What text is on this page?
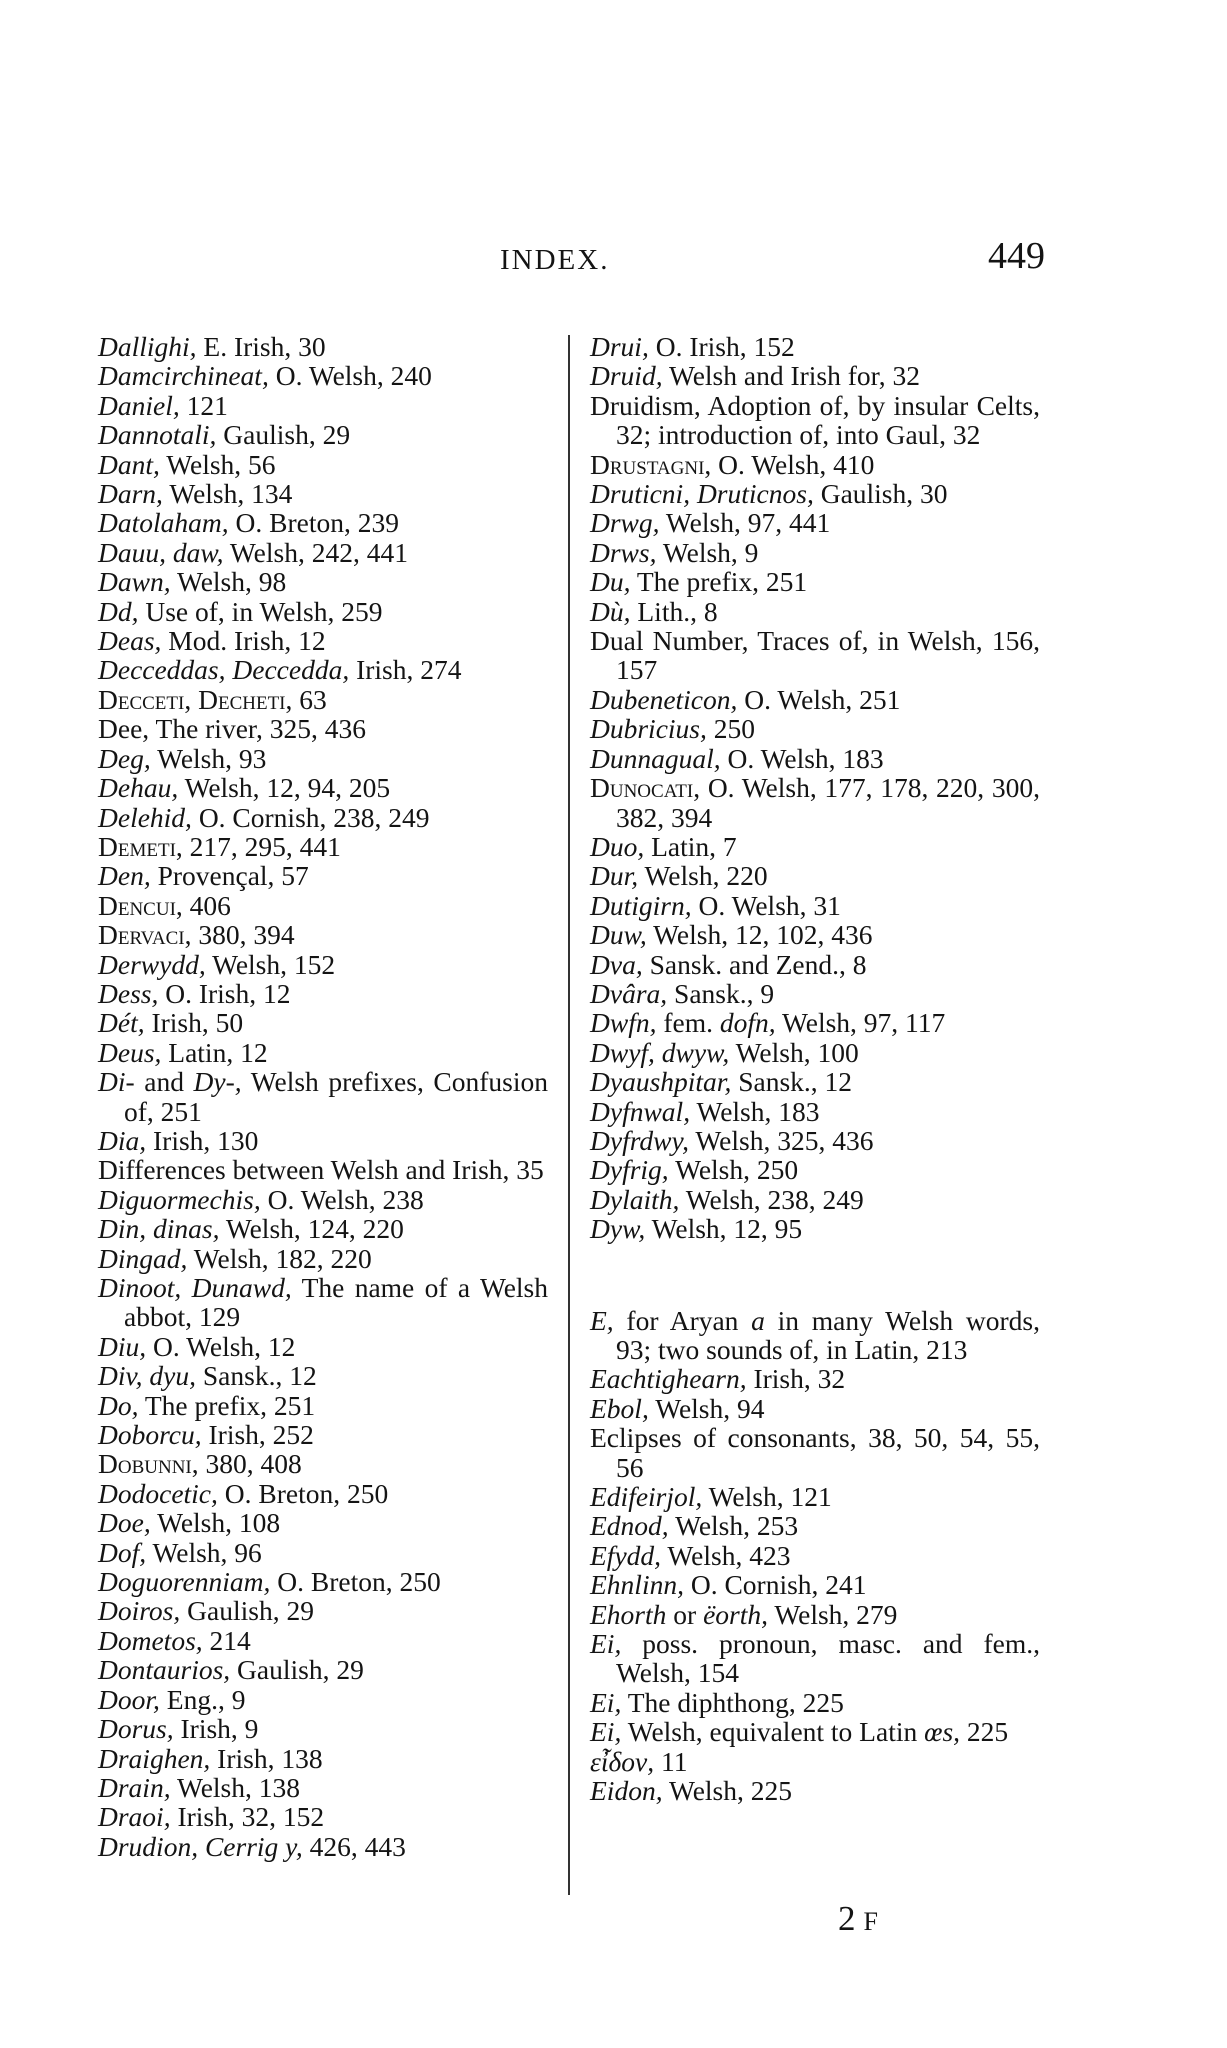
INDEX.	449
Dallighi, E. Irish, 30
Damcirchineat, O. Welsh, 240
Daniel, 121
Dannotali, Gaulish, 29
Dant, Welsh, 56
Darn, Welsh, 134
Datolaham, O. Breton, 239
Dauu, daw, Welsh, 242, 441
Dawn, Welsh, 98
Dd, Use of, in Welsh, 259
Deas, Mod. Irish, 12
Decceddas, Deccedda, Irish, 274
Decceti, Decheti, 63
Dee, The river, 325, 436
Deg, Welsh, 93
Dehau, Welsh, 12, 94, 205
Delehid, O. Cornish, 238, 249
Demeti, 217, 295, 441
Den, Provençal, 57
Dencui, 406
Dervaci, 380, 394
Derwydd, Welsh, 152
Dess, O. Irish, 12
Dét, Irish, 50
Deus, Latin, 12
Di- and Dy-, Welsh prefixes, Confusion of, 251
Dia, Irish, 130
Differences between Welsh and Irish, 35
Diguormechis, O. Welsh, 238
Din, dinas, Welsh, 124, 220
Dingad, Welsh, 182, 220
Dinoot, Dunawd, The name of a Welsh abbot, 129
Diu, O. Welsh, 12
Div, dyu, Sansk., 12
Do, The prefix, 251
Doborcu, Irish, 252
Dobunni, 380, 408
Dodocetic, O. Breton, 250
Doe, Welsh, 108
Dof, Welsh, 96
Doguorenniam, O. Breton, 250
Doiros, Gaulish, 29
Dometos, 214
Dontaurios, Gaulish, 29
Door, Eng., 9
Dorus, Irish, 9
Draighen, Irish, 138
Drain, Welsh, 138
Draoi, Irish, 32, 152
Drudion, Cerrig y, 426, 443
Drui, O. Irish, 152
Druid, Welsh and Irish for, 32
Druidism, Adoption of, by insular Celts, 32; introduction of, into Gaul, 32
Drustagni, O. Welsh, 410
Druticni, Druticnos, Gaulish, 30
Drwg, Welsh, 97, 441
Drws, Welsh, 9
Du, The prefix, 251
Dù, Lith., 8
Dual Number, Traces of, in Welsh, 156, 157
Dubeneticon, O. Welsh, 251
Dubricius, 250
Dunnagual, O. Welsh, 183
Dunocati, O. Welsh, 177, 178, 220, 300, 382, 394
Duo, Latin, 7
Dur, Welsh, 220
Dutigirn, O. Welsh, 31
Duw, Welsh, 12, 102, 436
Dva, Sansk. and Zend., 8
Dvâra, Sansk., 9
Dwfn, fem. dofn, Welsh, 97, 117
Dwyf, dwyw, Welsh, 100
Dyaushpitar, Sansk., 12
Dyfnwal, Welsh, 183
Dyfrdwy, Welsh, 325, 436
Dyfrig, Welsh, 250
Dylaith, Welsh, 238, 249
Dyw, Welsh, 12, 95
E, for Aryan a in many Welsh words, 93; two sounds of, in Latin, 213
Eachtighearn, Irish, 32
Ebol, Welsh, 94
Eclipses of consonants, 38, 50, 54, 55, 56
Edifeirjol, Welsh, 121
Ednod, Welsh, 253
Efydd, Welsh, 423
Ehnlinn, O. Cornish, 241
Ehorth or ëorth, Welsh, 279
Ei, poss. pronoun, masc. and fem., Welsh, 154
Ei, The diphthong, 225
Ei, Welsh, equivalent to Latin œs, 225
εἶδον, 11
Eidon, Welsh, 225
2 F
